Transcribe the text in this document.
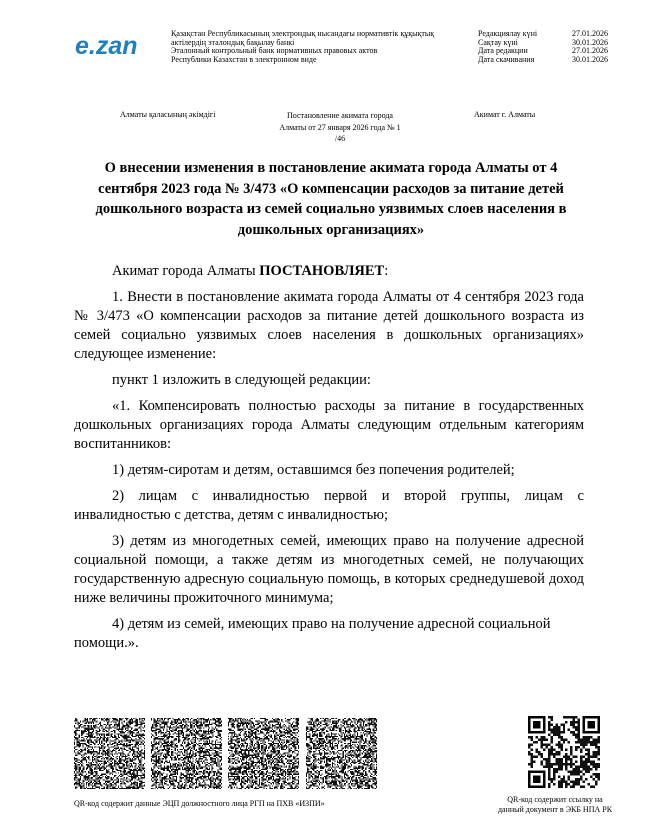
e.zan	Қазақстан Республикасының электрондық нысандағы нормативтік құқықтық
актілердің эталондық бақылау банкі
Эталонный контрольный банк нормативных правовых актов
Республики Казахстан в электронном виде
Редакциялау күні	27.01.2026
Сақтау күні	30.01.2026
Дата редакции	27.01.2026
Дата скачивания	30.01.2026
Алматы қаласының әкімдігі	Постановление акимата города
Алматы от 27 января 2026 года № 1
/46
Акимат г. Алматы
О внесении изменения в постановление акимата города Алматы от 4 сентября 2023 года № 3/473 «О компенсации расходов за питание детей дошкольного возраста из семей социально уязвимых слоев населения в дошкольных организациях»

Акимат города Алматы ПОСТАНОВЛЯЕТ:

1. Внести в постановление акимата города Алматы от 4 сентября 2023 года № 3/473 «О компенсации расходов за питание детей дошкольного возраста из семей социально уязвимых слоев населения в дошкольных организациях» следующее изменение:

пункт 1 изложить в следующей редакции:

«1. Компенсировать полностью расходы за питание в государственных дошкольных организациях города Алматы следующим отдельным категориям воспитанников:

1) детям-сиротам и детям, оставшимся без попечения родителей;

2) лицам с инвалидностью первой и второй группы, лицам с инвалидностью с детства, детям с инвалидностью;

3) детям из многодетных семей, имеющих право на получение адресной социальной помощи, а также детям из многодетных семей, не получающих государственную адресную социальную помощь, в которых среднедушевой доход ниже величины прожиточного минимума;

4) детям из семей, имеющих право на получение адресной социальной помощи.».

QR-код содержит данные ЭЦП должностного лица РГП на ПХВ «ИЗПИ»	QR-код содержит ссылку на
данный документ в ЭКБ НПА РК
